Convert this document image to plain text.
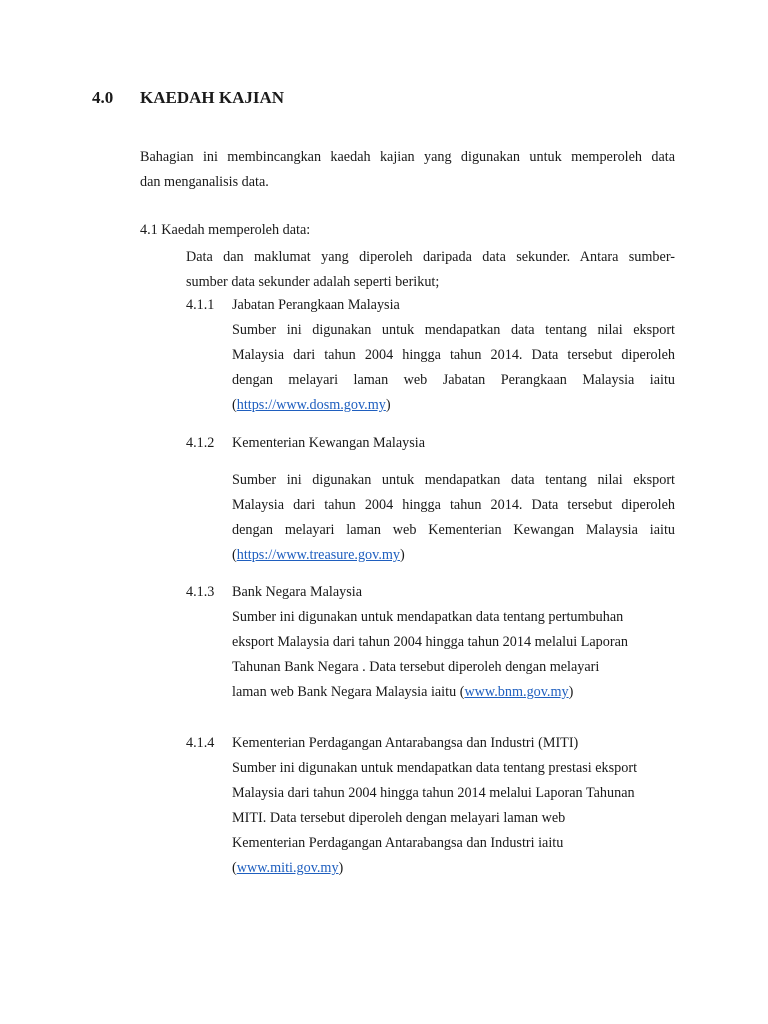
4.0 KAEDAH KAJIAN
Bahagian ini membincangkan kaedah kajian yang digunakan untuk memperoleh data
dan menganalisis data.
4.1 Kaedah memperoleh data:
Data dan maklumat yang diperoleh daripada data sekunder. Antara sumber-
sumber data sekunder adalah seperti berikut;
4.1.1 Jabatan Perangkaan Malaysia
Sumber ini digunakan untuk mendapatkan data tentang nilai eksport
Malaysia dari tahun 2004 hingga tahun 2014. Data tersebut diperoleh
dengan melayari laman web Jabatan Perangkaan Malaysia iaitu
(https://www.dosm.gov.my)
4.1.2 Kementerian Kewangan Malaysia
Sumber ini digunakan untuk mendapatkan data tentang nilai eksport
Malaysia dari tahun 2004 hingga tahun 2014. Data tersebut diperoleh
dengan melayari laman web Kementerian Kewangan Malaysia iaitu
(https://www.treasure.gov.my)
4.1.3 Bank Negara Malaysia
Sumber ini digunakan untuk mendapatkan data tentang pertumbuhan
eksport Malaysia dari tahun 2004 hingga tahun 2014 melalui Laporan
Tahunan Bank Negara . Data tersebut diperoleh dengan melayari
laman web Bank Negara Malaysia iaitu (www.bnm.gov.my)
4.1.4 Kementerian Perdagangan Antarabangsa dan Industri (MITI)
Sumber ini digunakan untuk mendapatkan data tentang prestasi eksport
Malaysia dari tahun 2004 hingga tahun 2014 melalui Laporan Tahunan
MITI. Data tersebut diperoleh dengan melayari laman web
Kementerian Perdagangan Antarabangsa dan Industri iaitu
(www.miti.gov.my)
